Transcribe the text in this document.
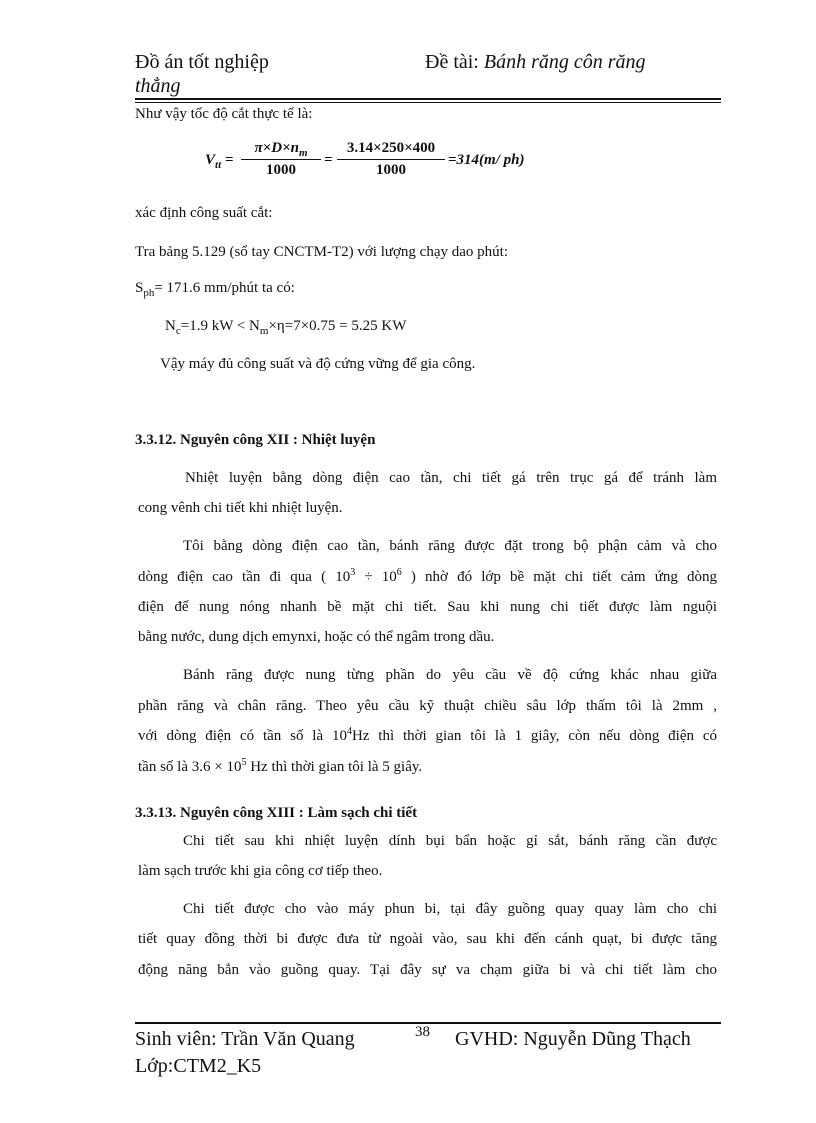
Đồ án tốt nghiệp	Đề tài: Bánh răng côn răng
thẳng
Như vậy tốc độ cắt thực tế là:
$V_{tt} = \frac{\pi\times D\times n_m}{1000} = \frac{3.14\times 250\times 400}{1000} =314(m/$ ph)
xác định công suất cắt:
Tra bảng 5.129 (sổ tay CNCTM-T2) với lượng chạy dao phút:
$S_{ph}= 171.6$ mm/phút ta có:
$N_c=1.9$ kW < $N_m\times\eta=7\times 0.75 = 5.25$ KW
Vậy máy đủ công suất và độ cứng vững để gia công.
3.3.12. Nguyên công XII : Nhiệt luyện
Nhiệt luyện bằng dòng điện cao tần, chi tiết gá trên trục gá để tránh làm
cong vênh chi tiết khi nhiệt luyện.
Tôi bằng dòng điện cao tần, bánh răng được đặt trong bộ phận cảm và cho
dòng điện cao tần đi qua ( $10^3 \div 10^6$ ) nhờ đó lớp bề mặt chi tiết cảm ứng dòng
điện để nung nóng nhanh bề mặt chi tiết. Sau khi nung chi tiết được làm nguội
bằng nước, dung dịch emynxi, hoặc có thể ngâm trong dầu.
Bánh răng được nung từng phần do yêu cầu về độ cứng khác nhau giữa
phần răng và chân răng. Theo yêu cầu kỹ thuật chiều sâu lớp thấm tôi là 2mm ,
với dòng điện có tần số là $10^4Hz$ thì thời gian tôi là 1 giây, còn nếu dòng điện có
tần số là $3.6 \times 10^5$ Hz thì thời gian tôi là 5 giây.
3.3.13. Nguyên công XIII : Làm sạch chi tiết
Chi tiết sau khi nhiệt luyện dính bụi bẩn hoặc gỉ sắt, bánh răng cần được
làm sạch trước khi gia công cơ tiếp theo.
Chi tiết được cho vào máy phun bi, tại đây guồng quay quay làm cho chi
tiết quay đồng thời bi được đưa từ ngoài vào, sau khi đến cánh quạt, bi được tăng
động năng bắn vào guồng quay. Tại đây sự va chạm giữa bi và chi tiết làm cho
Sinh viên: Trần Văn Quang	38 GVHD: Nguyễn Dũng Thạch
Lớp:CTM2_K5
